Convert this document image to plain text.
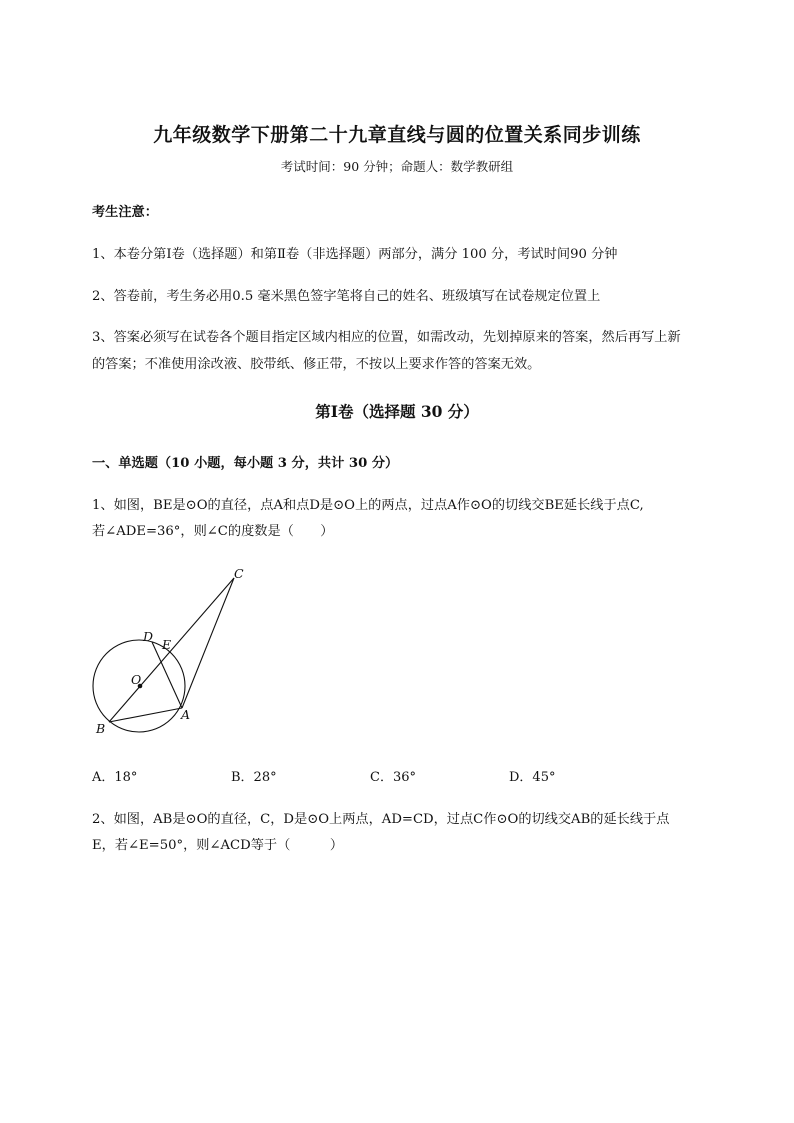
九年级数学下册第二十九章直线与圆的位置关系同步训练
考试时间：90 分钟；命题人：数学教研组
考生注意：
1、本卷分第Ⅰ卷（选择题）和第Ⅱ卷（非选择题）两部分，满分 100 分，考试时间90 分钟
2、答卷前，考生务必用0.5 毫米黑色签字笔将自己的姓名、班级填写在试卷规定位置上
3、答案必须写在试卷各个题目指定区域内相应的位置，如需改动，先划掉原来的答案，然后再写上新
的答案；不准使用涂改液、胶带纸、修正带，不按以上要求作答的答案无效。
第Ⅰ卷（选择题 30 分）
一、单选题（10 小题，每小题 3 分，共计 30 分）
1、如图，BE是⊙O的直径，点A和点D是⊙O上的两点，过点A作⊙O的切线交BE延长线于点C,
若∠ADE=36°，则∠C的度数是（　　）
C
D
E
O
A
B
A．18°	B．28°	C．36°	D．45°
2、如图，AB是⊙O的直径，C，D是⊙O上两点，AD=CD，过点C作⊙O的切线交AB的延长线于点
E，若∠E=50°，则∠ACD等于（　　　）
